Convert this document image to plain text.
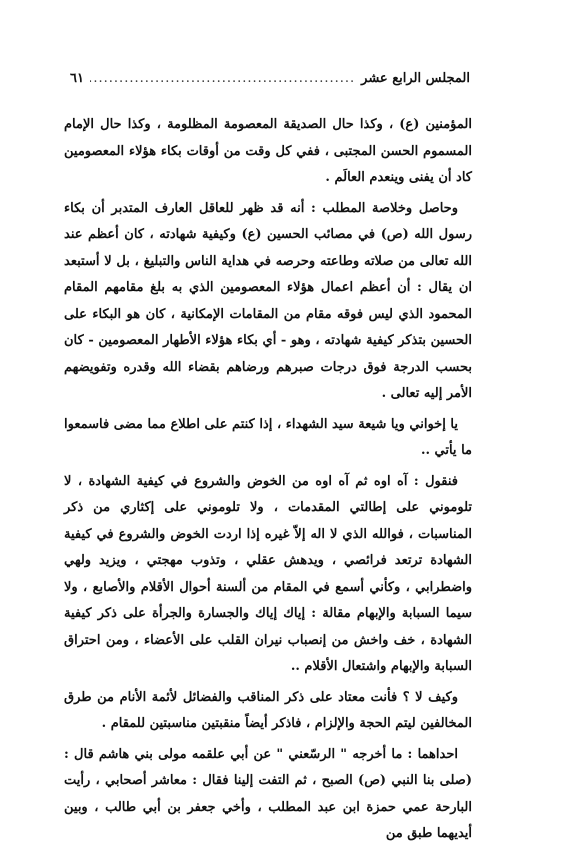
المجلس الرابع عشر
.....
٦١

المؤمنين (ع) ، وكذا حال الصديقة المعصومة المظلومة ، وكذا حال الإمام المسموم الحسن المجتبى ، ففي كل وقت من أوقات بكاء هؤلاء المعصومين كاد أن يفنى وينعدم العالَم .

وحاصل وخلاصة المطلب : أنه قد ظهر للعاقل العارف المتدبر أن بكاء رسول الله (ص) في مصائب الحسين (ع) وكيفية شهادته ، كان أعظم عند الله تعالى من صلاته وطاعته وحرصه في هداية الناس والتبليغ ، بل لا أستبعد ان يقال : أن أعظم اعمال هؤلاء المعصومين الذي به بلغ مقامهم المقام المحمود الذي ليس فوقه مقام من المقامات الإمكانية ، كان هو البكاء على الحسين بتذكر كيفية شهادته ، وهو - أي بكاء هؤلاء الأطهار المعصومين - كان بحسب الدرجة فوق درجات صبرهم ورضاهم بقضاء الله وقدره وتفويضهم الأمر إليه تعالى .

يا إخواني ويا شيعة سيد الشهداء ، إذا كنتم على اطلاع مما مضى فاسمعوا ما يأتي ..

فنقول : آه اوه ثم آه اوه من الخوض والشروع في كيفية الشهادة ، لا تلوموني على إطالتي المقدمات ، ولا تلوموني على إكثاري من ذكر المناسبات ، فوالله الذي لا اله إلاّ غيره إذا اردت الخوض والشروع في كيفية الشهادة ترتعد فرائصي ، ويدهش عقلي ، وتذوب مهجتي ، ويزيد ولهي واضطرابي ، وكأني أسمع في المقام من ألسنة أحوال الأقلام والأصابع ، ولا سيما السبابة والإبهام مقالة : إياك إياك والجسارة والجرأة على ذكر كيفية الشهادة ، خف واخش من إنصباب نيران القلب على الأعضاء ، ومن احتراق السبابة والإبهام واشتعال الأقلام ..

وكيف لا ؟ فأنت معتاد على ذكر المناقب والفضائل لأئمة الأنام من طرق المخالفين ليتم الحجة والإلزام ، فاذكر أيضاً منقبتين مناسبتين للمقام .

احداهما : ما أخرجه " الرسّعني " عن أبي علقمه مولى بني هاشم قال : (صلى بنا النبي (ص) الصبح ، ثم التفت إلينا فقال : معاشر أصحابي ، رأيت البارحة عمي حمزة ابن عبد المطلب ، وأخي جعفر بن أبي طالب ، وبين أيديهما طبق من
